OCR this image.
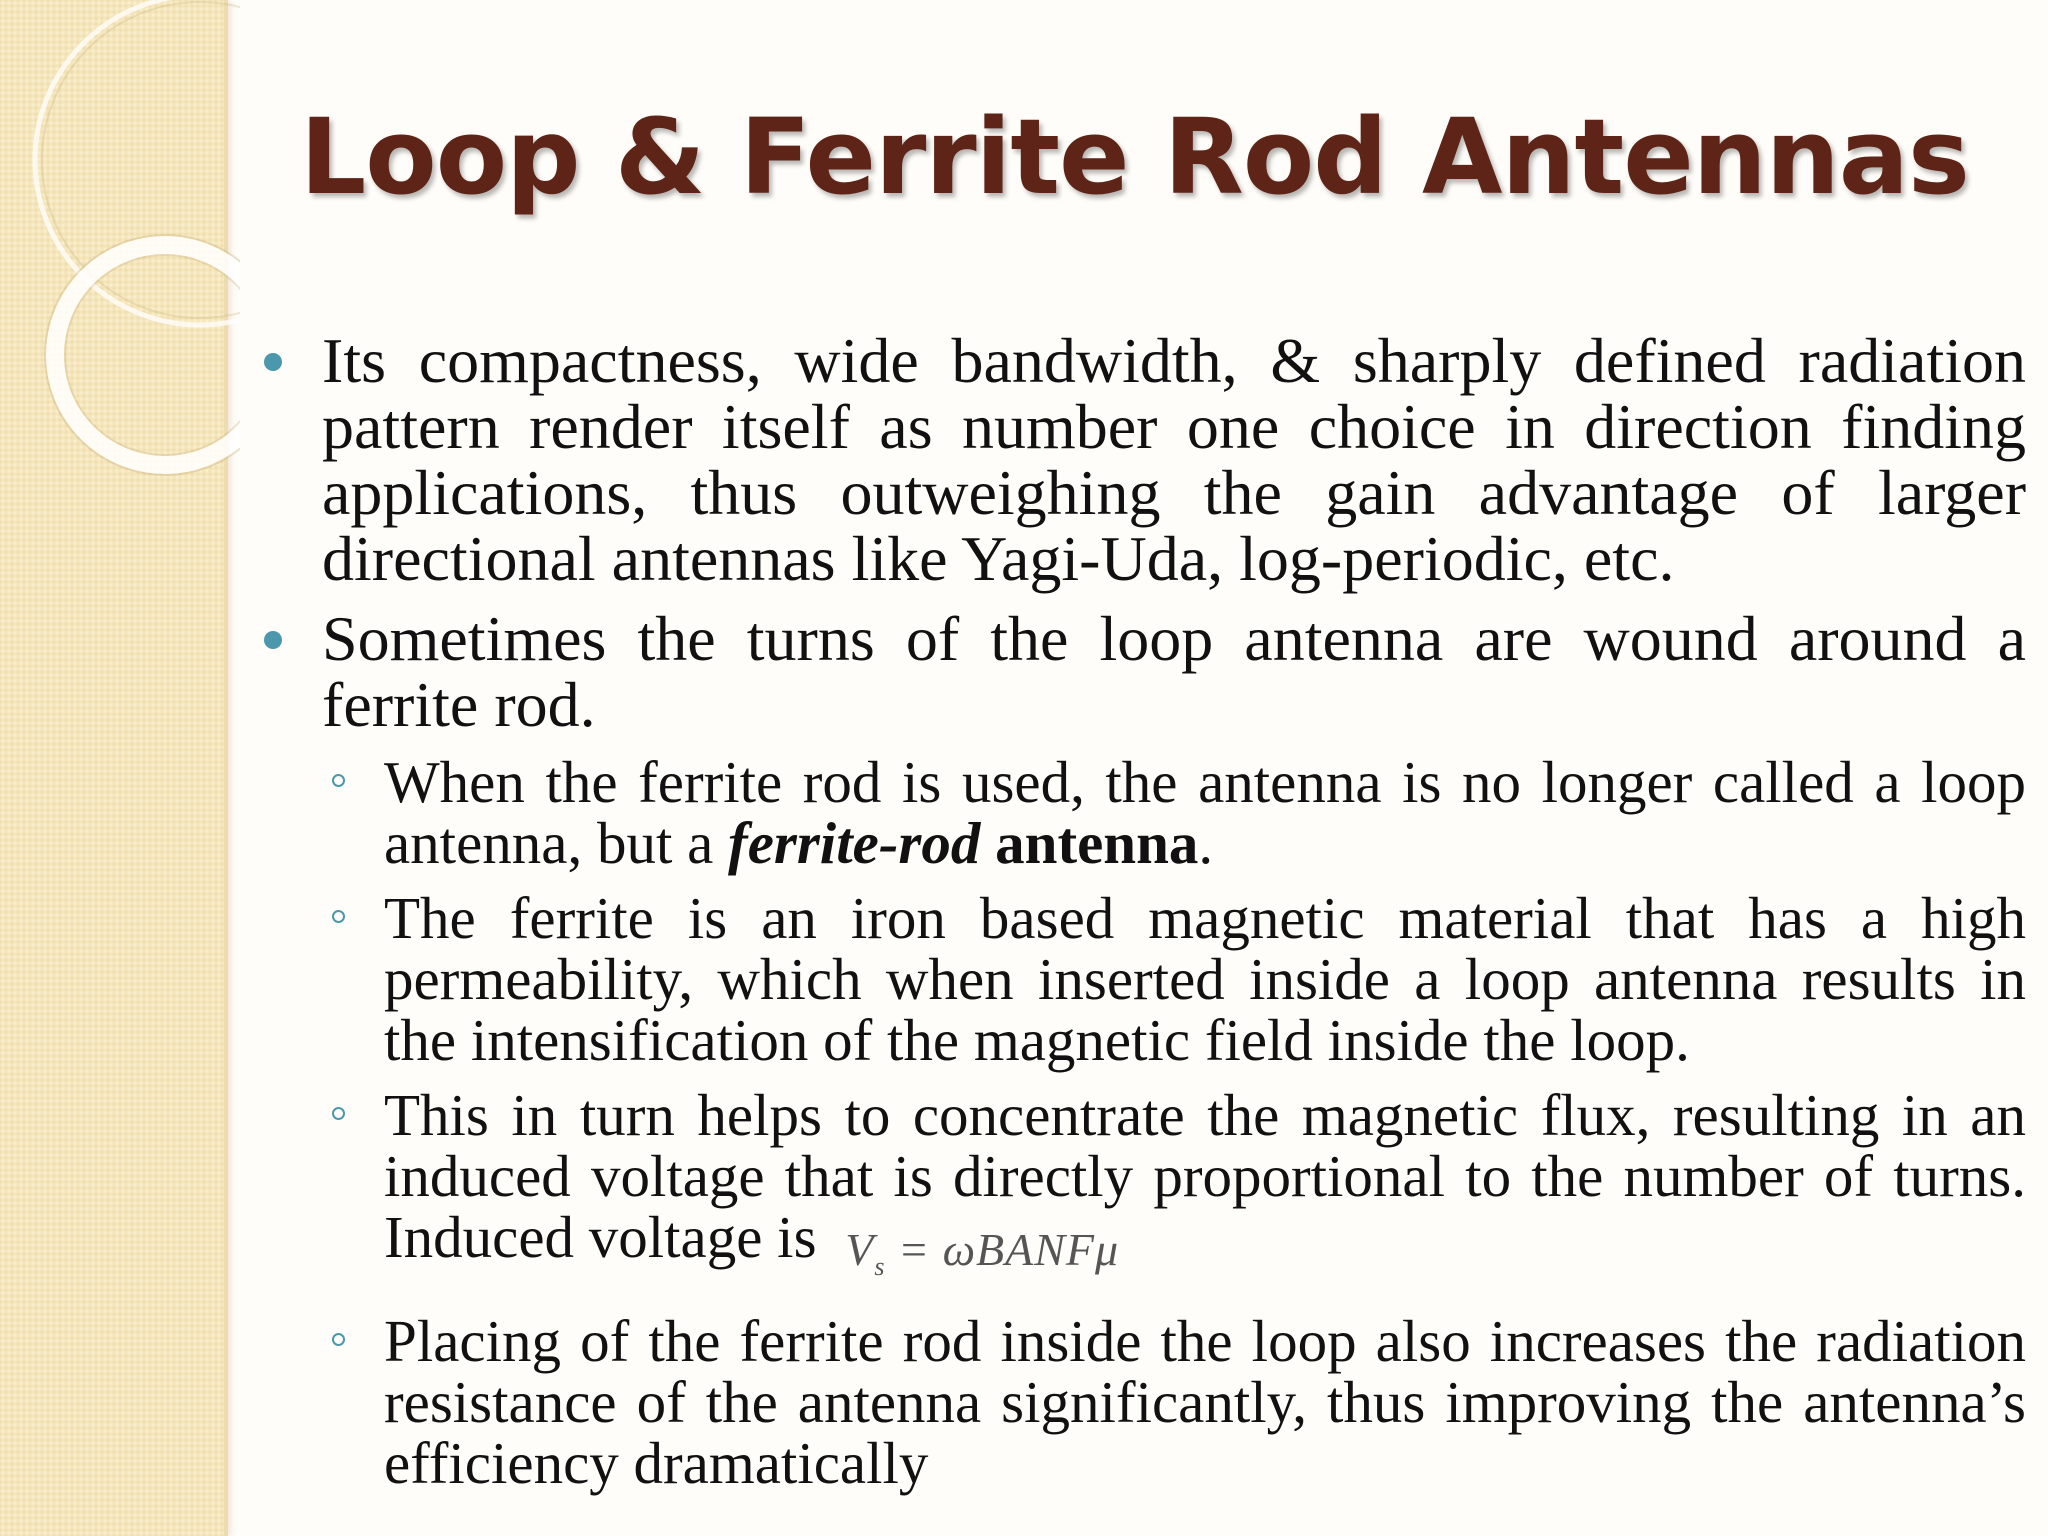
Loop & Ferrite Rod Antennas
Its compactness, wide bandwidth, & sharply defined radiation pattern render itself as number one choice in direction finding applications, thus outweighing the gain advantage of larger directional antennas like Yagi-Uda, log-periodic, etc.
Sometimes the turns of the loop antenna are wound around a ferrite rod.
When the ferrite rod is used, the antenna is no longer called a loop antenna, but a ferrite-rod antenna.
The ferrite is an iron based magnetic material that has a high permeability, which when inserted inside a loop antenna results in the intensification of the magnetic field inside the loop.
This in turn helps to concentrate the magnetic flux, resulting in an induced voltage that is directly proportional to the number of turns. Induced voltage is $V_s$ = ωBANFμ
Placing of the ferrite rod inside the loop also increases the radiation resistance of the antenna significantly, thus improving the antenna’s efficiency dramatically
